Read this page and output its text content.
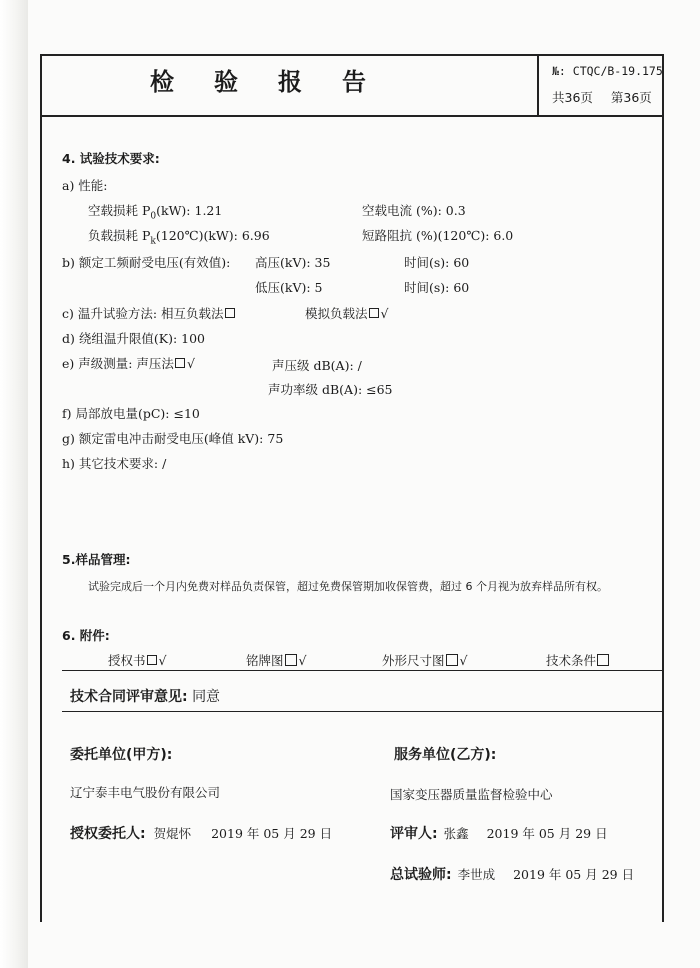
检验报告	№: CTQC/B-19.175
共36页 第36页
4. 试验技术要求:
a) 性能:
空载损耗 $P_0(kW)$: 1.21	空载电流 (%): 0.3
负载损耗 $P_k(120℃)(kW)$: 6.96	短路阻抗 (%)(120℃): 6.0
b) 额定工频耐受电压(有效值): 高压(kV): 35	时间(s): 60
低压(kV): 5	时间(s): 60
c) 温升试验方法: 相互负载法	模拟负载法 √
d) 绕组温升限值(K): 100
e) 声级测量: 声压法 √	声压级 dB(A): /
声功率级 dB(A): ≤65
f) 局部放电量(pC): ≤10
g) 额定雷电冲击耐受电压(峰值 kV): 75
h) 其它技术要求: /
5.样品管理:
试验完成后一个月内免费对样品负责保管，超过免费保管期加收保管费，超过 6 个月视为放弃样品所有权。
6. 附件:
授权书 √	铭牌图 √	外形尺寸图 √	技术条件
技术合同评审意见: 同意
委托单位(甲方):	服务单位(乙方):
辽宁泰丰电气股份有限公司	国家变压器质量监督检验中心
授权委托人: 贺焜怀 2019 年 05 月 29 日	评审人: 张鑫 2019 年 05 月 29 日
总试验师: 李世成 2019 年 05 月 29 日
